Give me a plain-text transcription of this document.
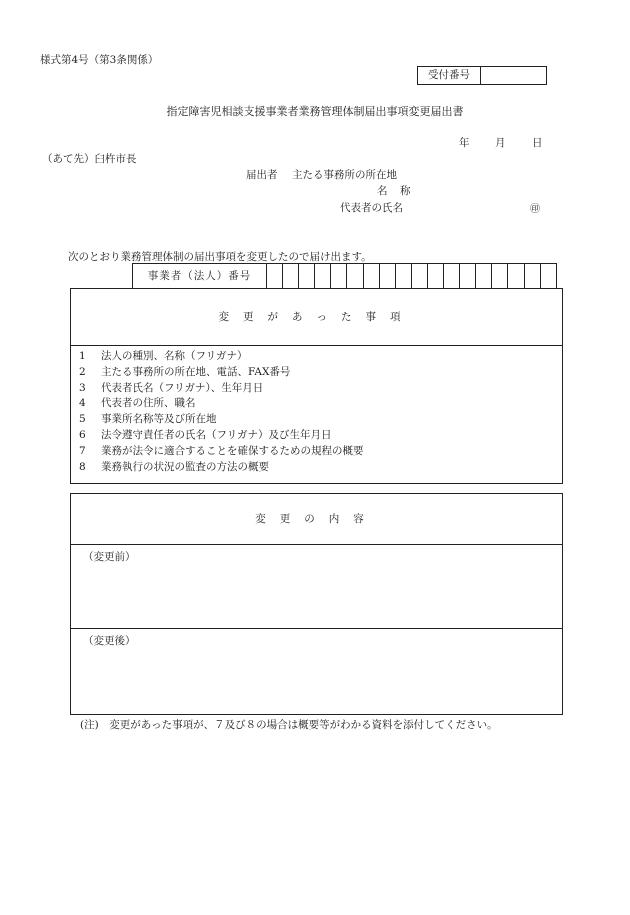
様式第4号（第3条関係）
受付番号
指定障害児相談支援事業者業務管理体制届出事項変更届出書
年 月	日
（あて先）臼杵市長
届出者 主たる事務所の所在地
名　称
代表者の氏名	㊞
次のとおり業務管理体制の届出事項を変更したので届け出ます。
事業者（法人）番号
変更があった事項
1	法人の種別、名称（フリガナ）
2	主たる事務所の所在地、電話、FAX番号
3	代表者氏名（フリガナ）、生年月日
4	代表者の住所、職名
5	事業所名称等及び所在地
6	法令遵守責任者の氏名（フリガナ）及び生年月日
7	業務が法令に適合することを確保するための規程の概要
8	業務執行の状況の監査の方法の概要
変更の内容
（変更前）
（変更後）
(注)　変更があった事項が、７及び８の場合は概要等がわかる資料を添付してください。
